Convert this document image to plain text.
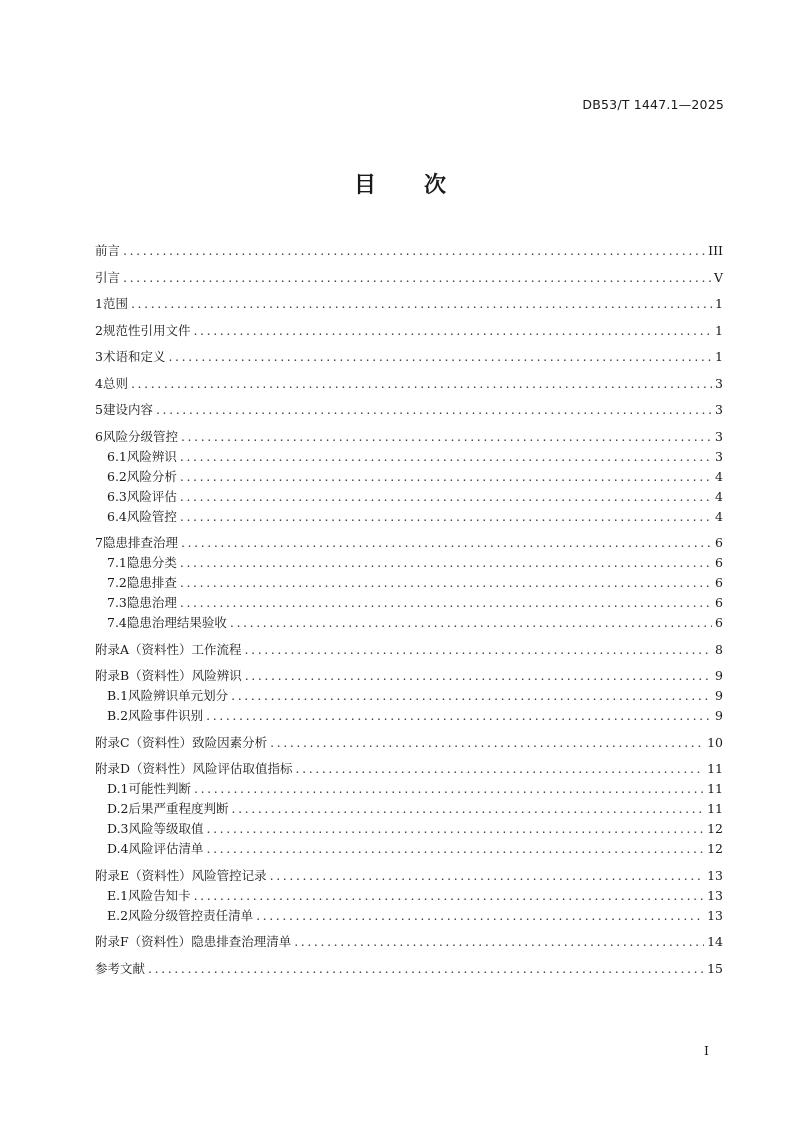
DB53/T 1447.1—2025
目 次
前言 .....	III
引言 .....	V
1 范围 .....	1
2 规范性引用文件 .....	1
3 术语和定义 .....	1
4 总则 .....	3
5 建设内容 .....	3
6 风险分级管控 .....	3
6.1 风险辨识 .....	3
6.2 风险分析 .....	4
6.3 风险评估 .....	4
6.4 风险管控 .....	4
7 隐患排查治理 .....	6
7.1 隐患分类 .....	6
7.2 隐患排查 .....	6
7.3 隐患治理 .....	6
7.4 隐患治理结果验收 .....	6
附录A（资料性） 工作流程 .....	8
附录B（资料性） 风险辨识 .....	9
B.1 风险辨识单元划分 .....	9
B.2 风险事件识别 .....	9
附录C（资料性） 致险因素分析 .....	10
附录D（资料性） 风险评估取值指标 .....	11
D.1 可能性判断 .....	11
D.2 后果严重程度判断 .....	11
D.3 风险等级取值 .....	12
D.4 风险评估清单 .....	12
附录E（资料性） 风险管控记录 .....	13
E.1 风险告知卡 .....	13
E.2 风险分级管控责任清单 .....	13
附录F（资料性） 隐患排查治理清单 .....	14
参考文献 .....	15
I
